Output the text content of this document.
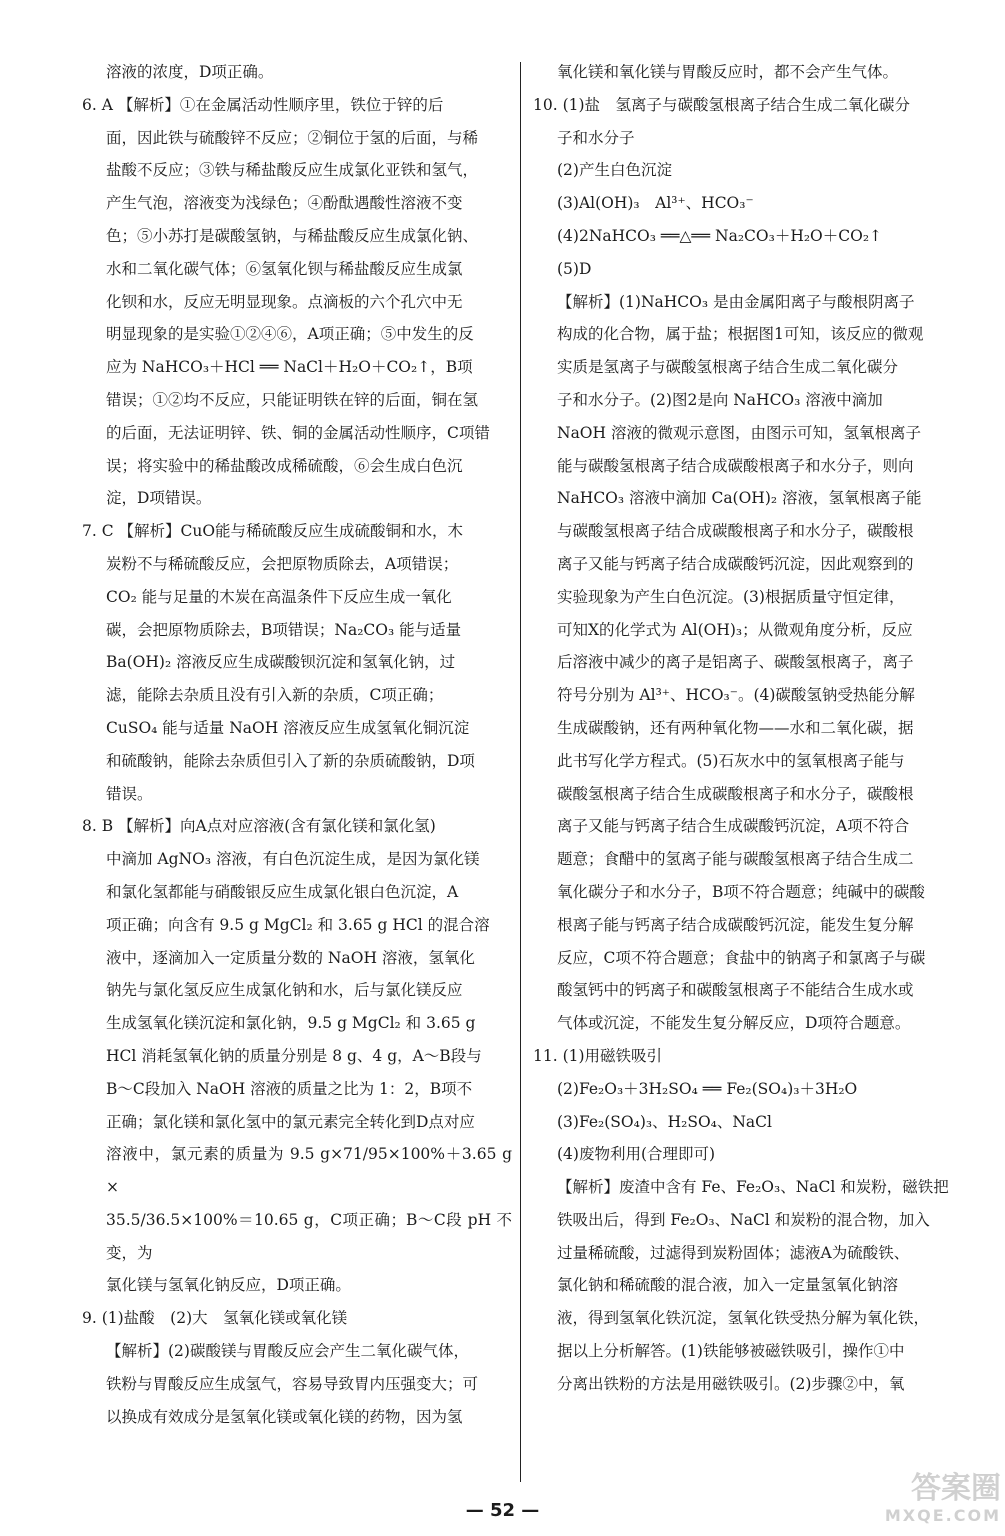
溶液的浓度，D项正确。

6. A 【解析】①在金属活动性顺序里，铁位于锌的后

面，因此铁与硫酸锌不反应；②铜位于氢的后面，与稀

盐酸不反应；③铁与稀盐酸反应生成氯化亚铁和氢气，

产生气泡，溶液变为浅绿色；④酚酞遇酸性溶液不变

色；⑤小苏打是碳酸氢钠，与稀盐酸反应生成氯化钠、

水和二氧化碳气体；⑥氢氧化钡与稀盐酸反应生成氯

化钡和水，反应无明显现象。点滴板的六个孔穴中无

明显现象的是实验①②④⑥，A项正确；⑤中发生的反

应为 NaHCO₃＋HCl ══ NaCl＋H₂O＋CO₂↑，B项

错误；①②均不反应，只能证明铁在锌的后面，铜在氢

的后面，无法证明锌、铁、铜的金属活动性顺序，C项错

误；将实验中的稀盐酸改成稀硫酸，⑥会生成白色沉

淀，D项错误。

7. C 【解析】CuO能与稀硫酸反应生成硫酸铜和水，木

炭粉不与稀硫酸反应，会把原物质除去，A项错误；

CO₂ 能与足量的木炭在高温条件下反应生成一氧化

碳，会把原物质除去，B项错误；Na₂CO₃ 能与适量

Ba(OH)₂ 溶液反应生成碳酸钡沉淀和氢氧化钠，过

滤，能除去杂质且没有引入新的杂质，C项正确；

CuSO₄ 能与适量 NaOH 溶液反应生成氢氧化铜沉淀

和硫酸钠，能除去杂质但引入了新的杂质硫酸钠，D项

错误。

8. B 【解析】向A点对应溶液(含有氯化镁和氯化氢)

中滴加 AgNO₃ 溶液，有白色沉淀生成，是因为氯化镁

和氯化氢都能与硝酸银反应生成氯化银白色沉淀，A

项正确；向含有 9.5 g MgCl₂ 和 3.65 g HCl 的混合溶

液中，逐滴加入一定质量分数的 NaOH 溶液，氢氧化

钠先与氯化氢反应生成氯化钠和水，后与氯化镁反应

生成氢氧化镁沉淀和氯化钠，9.5 g MgCl₂ 和 3.65 g

HCl 消耗氢氧化钠的质量分别是 8 g、4 g，A～B段与

B～C段加入 NaOH 溶液的质量之比为 1：2，B项不

正确；氯化镁和氯化氢中的氯元素完全转化到D点对应

溶液中，氯元素的质量为 9.5 g×71/95×100%＋3.65 g×

35.5/36.5×100%＝10.65 g，C项正确；B～C段 pH 不变，为

氯化镁与氢氧化钠反应，D项正确。

9. (1)盐酸　(2)大　氢氧化镁或氧化镁

【解析】(2)碳酸镁与胃酸反应会产生二氧化碳气体，

铁粉与胃酸反应生成氢气，容易导致胃内压强变大；可

以换成有效成分是氢氧化镁或氧化镁的药物，因为氢

氧化镁和氧化镁与胃酸反应时，都不会产生气体。

10. (1)盐　氢离子与碳酸氢根离子结合生成二氧化碳分

子和水分子

(2)产生白色沉淀

(3)Al(OH)₃　Al³⁺、HCO₃⁻

(4)2NaHCO₃ ══△══ Na₂CO₃＋H₂O＋CO₂↑

(5)D

【解析】(1)NaHCO₃ 是由金属阳离子与酸根阴离子

构成的化合物，属于盐；根据图1可知，该反应的微观

实质是氢离子与碳酸氢根离子结合生成二氧化碳分

子和水分子。(2)图2是向 NaHCO₃ 溶液中滴加

NaOH 溶液的微观示意图，由图示可知，氢氧根离子

能与碳酸氢根离子结合成碳酸根离子和水分子，则向

NaHCO₃ 溶液中滴加 Ca(OH)₂ 溶液，氢氧根离子能

与碳酸氢根离子结合成碳酸根离子和水分子，碳酸根

离子又能与钙离子结合成碳酸钙沉淀，因此观察到的

实验现象为产生白色沉淀。(3)根据质量守恒定律，

可知X的化学式为 Al(OH)₃；从微观角度分析，反应

后溶液中减少的离子是铝离子、碳酸氢根离子，离子

符号分别为 Al³⁺、HCO₃⁻。(4)碳酸氢钠受热能分解

生成碳酸钠，还有两种氧化物——水和二氧化碳，据

此书写化学方程式。(5)石灰水中的氢氧根离子能与

碳酸氢根离子结合生成碳酸根离子和水分子，碳酸根

离子又能与钙离子结合生成碳酸钙沉淀，A项不符合

题意；食醋中的氢离子能与碳酸氢根离子结合生成二

氧化碳分子和水分子，B项不符合题意；纯碱中的碳酸

根离子能与钙离子结合成碳酸钙沉淀，能发生复分解

反应，C项不符合题意；食盐中的钠离子和氯离子与碳

酸氢钙中的钙离子和碳酸氢根离子不能结合生成水或

气体或沉淀，不能发生复分解反应，D项符合题意。

11. (1)用磁铁吸引

(2)Fe₂O₃＋3H₂SO₄ ══ Fe₂(SO₄)₃＋3H₂O

(3)Fe₂(SO₄)₃、H₂SO₄、NaCl

(4)废物利用(合理即可)

【解析】废渣中含有 Fe、Fe₂O₃、NaCl 和炭粉，磁铁把

铁吸出后，得到 Fe₂O₃、NaCl 和炭粉的混合物，加入

过量稀硫酸，过滤得到炭粉固体；滤液A为硫酸铁、

氯化钠和稀硫酸的混合液，加入一定量氢氧化钠溶

液，得到氢氧化铁沉淀，氢氧化铁受热分解为氧化铁，

据以上分析解答。(1)铁能够被磁铁吸引，操作①中

分离出铁粉的方法是用磁铁吸引。(2)步骤②中，氧

— 52 —
答案圈
MXQE.COM
